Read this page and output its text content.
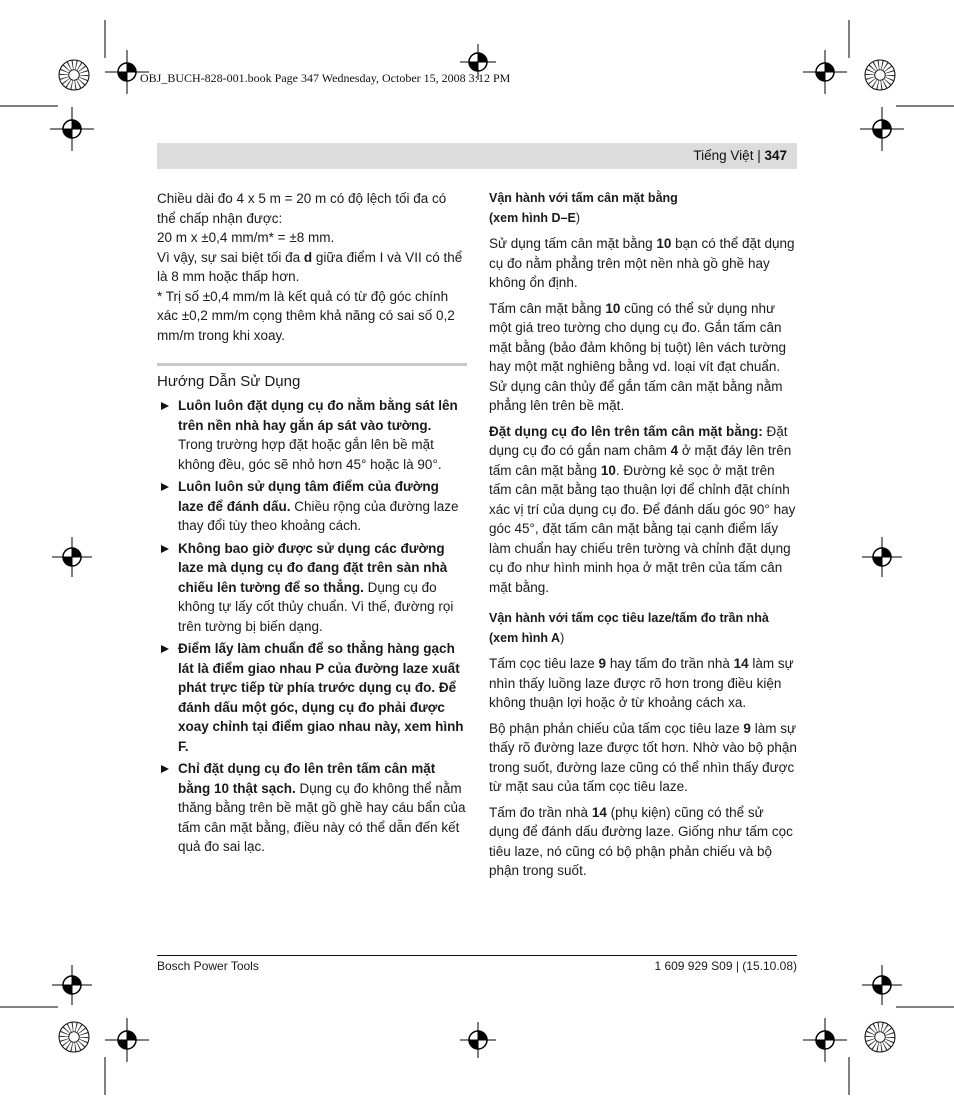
OBJ_BUCH-828-001.book Page 347 Wednesday, October 15, 2008 3:12 PM
Tiếng Việt | 347

Chiều dài đo 4 x 5 m = 20 m có độ lệch tối đa có thể chấp nhận được:

20 m x ±0,4 mm/m* = ±8 mm.

Vì vậy, sự sai biệt tối đa d giữa điểm I và VII có thể là 8 mm hoặc thấp hơn.

* Trị số ±0,4 mm/m là kết quả có từ độ góc chính xác ±0,2 mm/m cọng thêm khả năng có sai số 0,2 mm/m trong khi xoay.

Hướng Dẫn Sử Dụng
Luôn luôn đặt dụng cụ đo nằm bằng sát lên trên nền nhà hay gắn áp sát vào tường. Trong trường hợp đặt hoặc gắn lên bề mặt không đều, góc sẽ nhỏ hơn 45° hoặc là 90°.
Luôn luôn sử dụng tâm điểm của đường laze để đánh dấu. Chiều rộng của đường laze thay đổi tùy theo khoảng cách.
Không bao giờ được sử dụng các đường laze mà dụng cụ đo đang đặt trên sàn nhà chiếu lên tường để so thẳng. Dụng cụ đo không tự lấy cốt thủy chuẩn. Vì thế, đường rọi trên tường bị biến dạng.
Điểm lấy làm chuẩn để so thẳng hàng gạch lát là điểm giao nhau P của đường laze xuất phát trực tiếp từ phía trước dụng cụ đo. Để đánh dấu một góc, dụng cụ đo phải được xoay chỉnh tại điểm giao nhau này, xem hình F.
Chỉ đặt dụng cụ đo lên trên tấm cân mặt bằng 10 thật sạch. Dụng cụ đo không thể nằm thăng bằng trên bề mặt gồ ghề hay cáu bẩn của tấm cân mặt bằng, điều này có thể dẫn đến kết quả đo sai lạc.

Vận hành với tấm cân mặt bằng
(xem hình D–E)

Sử dụng tấm cân mặt bằng 10 bạn có thể đặt dụng cụ đo nằm phẳng trên một nền nhà gồ ghề hay không ổn định.

Tấm cân mặt bằng 10 cũng có thể sử dụng như một giá treo tường cho dụng cụ đo. Gắn tấm cân mặt bằng (bảo đảm không bị tuột) lên vách tường hay một mặt nghiêng bằng vd. loại vít đạt chuẩn. Sử dụng cân thủy để gắn tấm cân mặt bằng nằm phẳng lên trên bề mặt.

Đặt dụng cụ đo lên trên tấm cân mặt bằng: Đặt dụng cụ đo có gắn nam châm 4 ở mặt đáy lên trên tấm cân mặt bằng 10. Đường kẻ sọc ở mặt trên tấm cân mặt bằng tạo thuận lợi để chỉnh đặt chính xác vị trí của dụng cụ đo. Để đánh dấu góc 90° hay góc 45°, đặt tấm cân mặt bằng tại cạnh điểm lấy làm chuẩn hay chiếu trên tường và chỉnh đặt dụng cụ đo như hình minh họa ở mặt trên của tấm cân mặt bằng.

Vận hành với tấm cọc tiêu laze/tấm đo trần nhà
(xem hình A)

Tấm cọc tiêu laze 9 hay tấm đo trần nhà 14 làm sự nhìn thấy luồng laze được rõ hơn trong điều kiện không thuận lợi hoặc ở từ khoảng cách xa.

Bộ phận phản chiếu của tấm cọc tiêu laze 9 làm sự thấy rõ đường laze được tốt hơn. Nhờ vào bộ phận trong suốt, đường laze cũng có thể nhìn thấy được từ mặt sau của tấm cọc tiêu laze.

Tấm đo trần nhà 14 (phụ kiện) cũng có thể sử dụng để đánh dấu đường laze. Giống như tấm cọc tiêu laze, nó cũng có bộ phận phản chiếu và bộ phận trong suốt.

Bosch Power Tools	1 609 929 S09 | (15.10.08)
